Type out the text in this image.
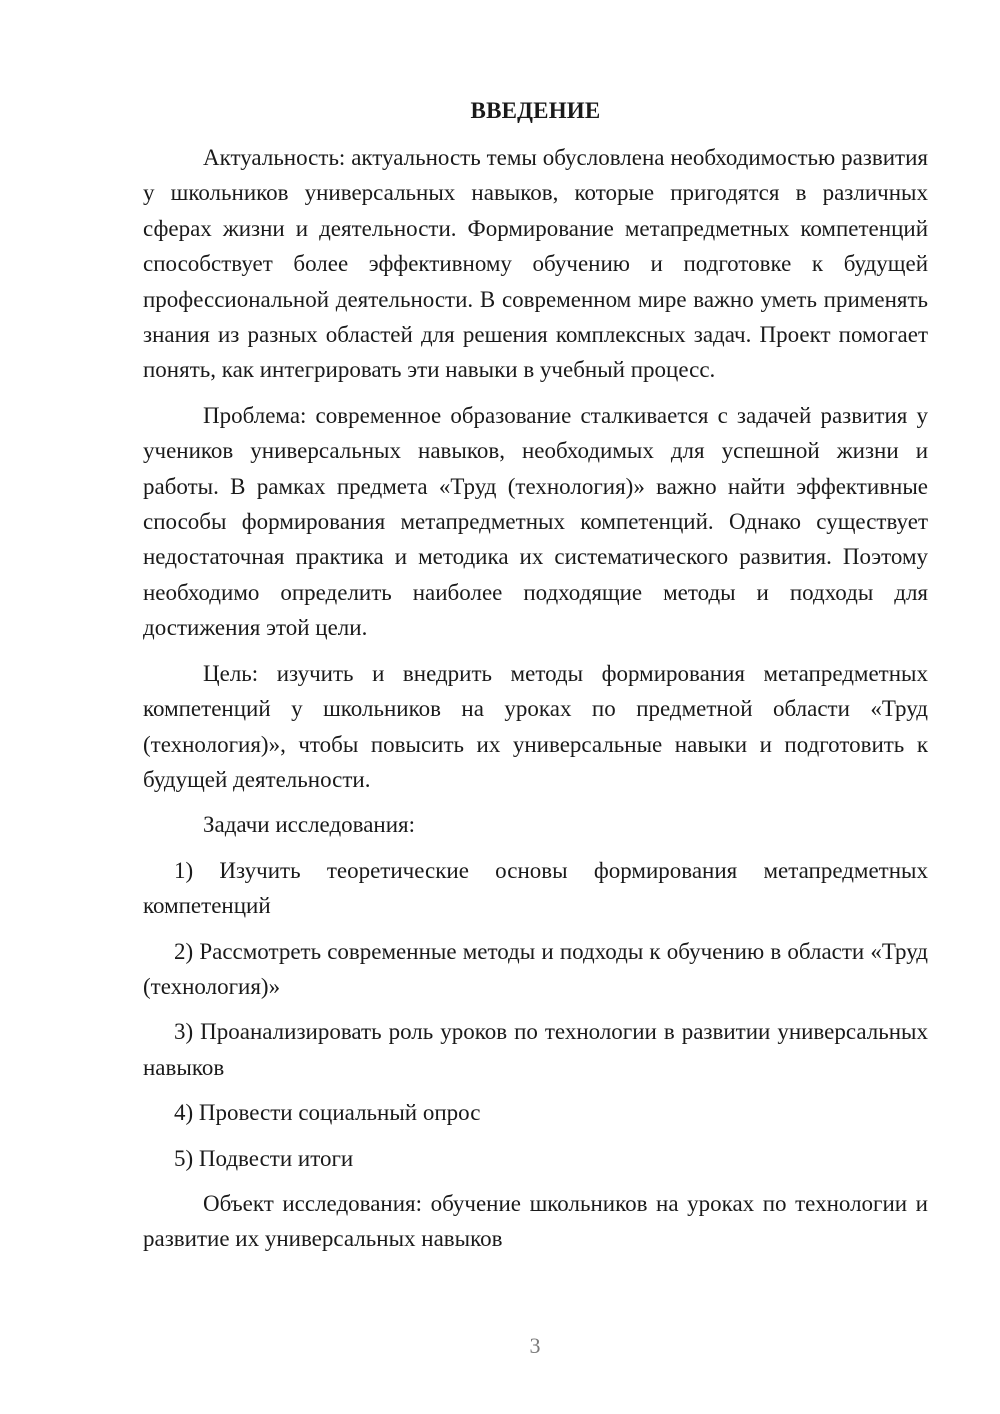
ВВЕДЕНИЕ

Актуальность: актуальность темы обусловлена необходимостью развития у школьников универсальных навыков, которые пригодятся в различных сферах жизни и деятельности. Формирование метапредметных компетенций способствует более эффективному обучению и подготовке к будущей профессиональной деятельности. В современном мире важно уметь применять знания из разных областей для решения комплексных задач. Проект помогает понять, как интегрировать эти навыки в учебный процесс.

Проблема: современное образование сталкивается с задачей развития у учеников универсальных навыков, необходимых для успешной жизни и работы. В рамках предмета «Труд (технология)» важно найти эффективные способы формирования метапредметных компетенций. Однако существует недостаточная практика и методика их систематического развития. Поэтому необходимо определить наиболее подходящие методы и подходы для достижения этой цели.

Цель: изучить и внедрить методы формирования метапредметных компетенций у школьников на уроках по предметной области «Труд (технология)», чтобы повысить их универсальные навыки и подготовить к будущей деятельности.

Задачи исследования:

1) Изучить теоретические основы формирования метапредметных компетенций

2) Рассмотреть современные методы и подходы к обучению в области «Труд (технология)»

3) Проанализировать роль уроков по технологии в развитии универсальных навыков

4) Провести социальный опрос

5) Подвести итоги

Объект исследования: обучение школьников на уроках по технологии и развитие их универсальных навыков

3
